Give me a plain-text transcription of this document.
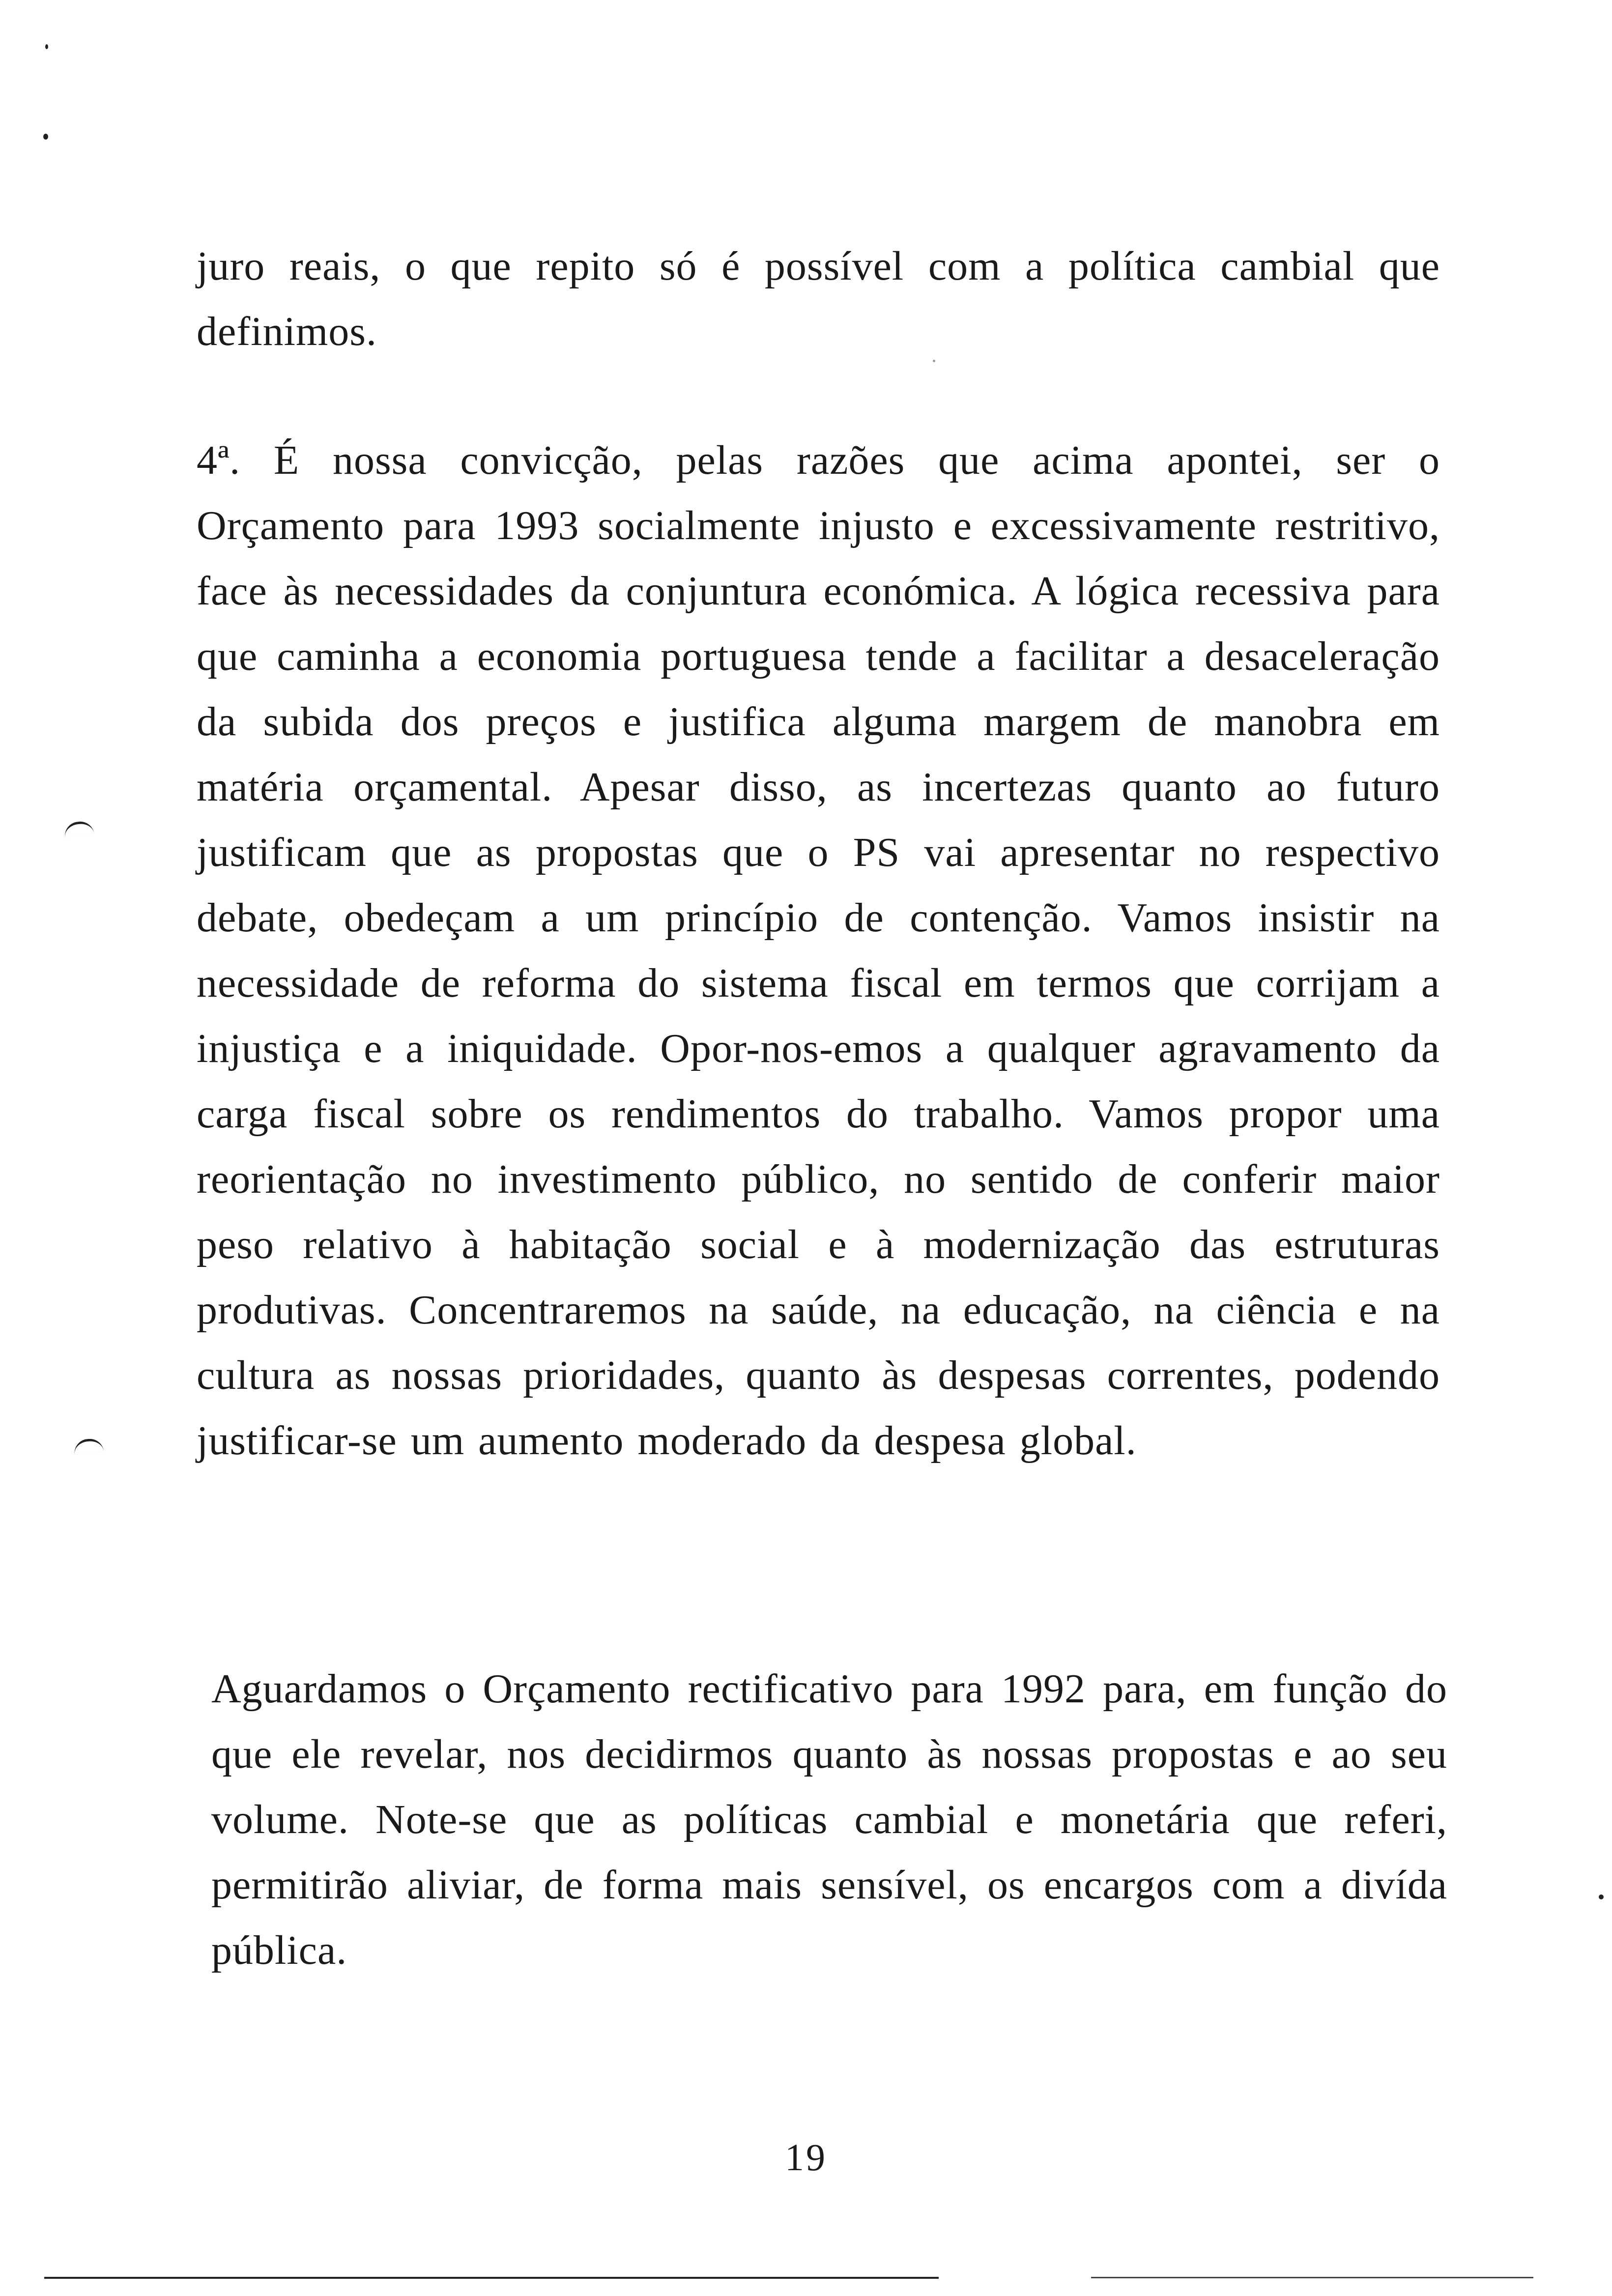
juro reais, o que repito só é possível com a política cambial que definimos.

4ª. É nossa convicção, pelas razões que acima apontei, ser o Orçamento para 1993 socialmente injusto e excessivamente restritivo, face às necessidades da conjuntura económica. A lógica recessiva para que caminha a economia portuguesa tende a facilitar a desaceleração da subida dos preços e justifica alguma margem de manobra em matéria orçamental. Apesar disso, as incertezas quanto ao futuro justificam que as propostas que o PS vai apresentar no respectivo debate, obedeçam a um princípio de contenção. Vamos insistir na necessidade de reforma do sistema fiscal em termos que corrijam a injustiça e a iniquidade. Opor-nos-emos a qualquer agravamento da carga fiscal sobre os rendimentos do trabalho. Vamos propor uma reorientação no investimento público, no sentido de conferir maior peso relativo à habitação social e à modernização das estruturas produtivas. Concentraremos na saúde, na educação, na ciência e na cultura as nossas prioridades, quanto às despesas correntes, podendo justificar-se um aumento moderado da despesa global.

Aguardamos o Orçamento rectificativo para 1992 para, em função do que ele revelar, nos decidirmos quanto às nossas propostas e ao seu volume. Note-se que as políticas cambial e monetária que referi, permitirão aliviar, de forma mais sensível, os encargos com a divída pública.

19
